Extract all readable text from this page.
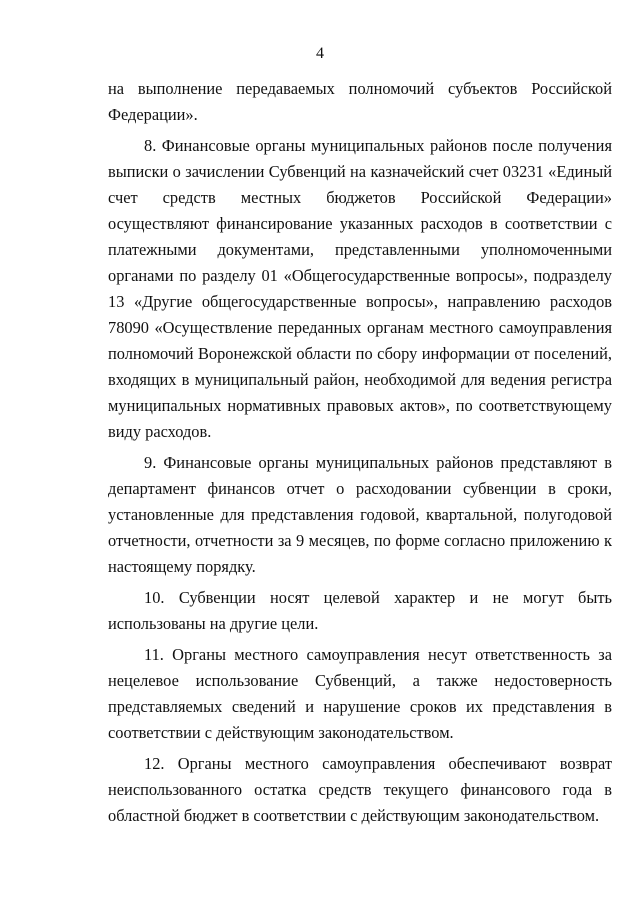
4

на выполнение передаваемых полномочий субъектов Российской Федерации».

8. Финансовые органы муниципальных районов после получения выписки о зачислении Субвенций на казначейский счет 03231 «Единый счет средств местных бюджетов Российской Федерации» осуществляют финансирование указанных расходов в соответствии с платежными документами, представленными уполномоченными органами по разделу 01 «Общегосударственные вопросы», подразделу 13 «Другие общегосударственные вопросы», направлению расходов 78090 «Осуществление переданных органам местного самоуправления полномочий Воронежской области по сбору информации от поселений, входящих в муниципальный район, необходимой для ведения регистра муниципальных нормативных правовых актов», по соответствующему виду расходов.

9. Финансовые органы муниципальных районов представляют в департамент финансов отчет о расходовании субвенции в сроки, установленные для представления годовой, квартальной, полугодовой отчетности, отчетности за 9 месяцев, по форме согласно приложению к настоящему порядку.

10. Субвенции носят целевой характер и не могут быть использованы на другие цели.

11. Органы местного самоуправления несут ответственность за нецелевое использование Субвенций, а также недостоверность представляемых сведений и нарушение сроков их представления в соответствии с действующим законодательством.

12. Органы местного самоуправления обеспечивают возврат неиспользованного остатка средств текущего финансового года в областной бюджет в соответствии с действующим законодательством.
